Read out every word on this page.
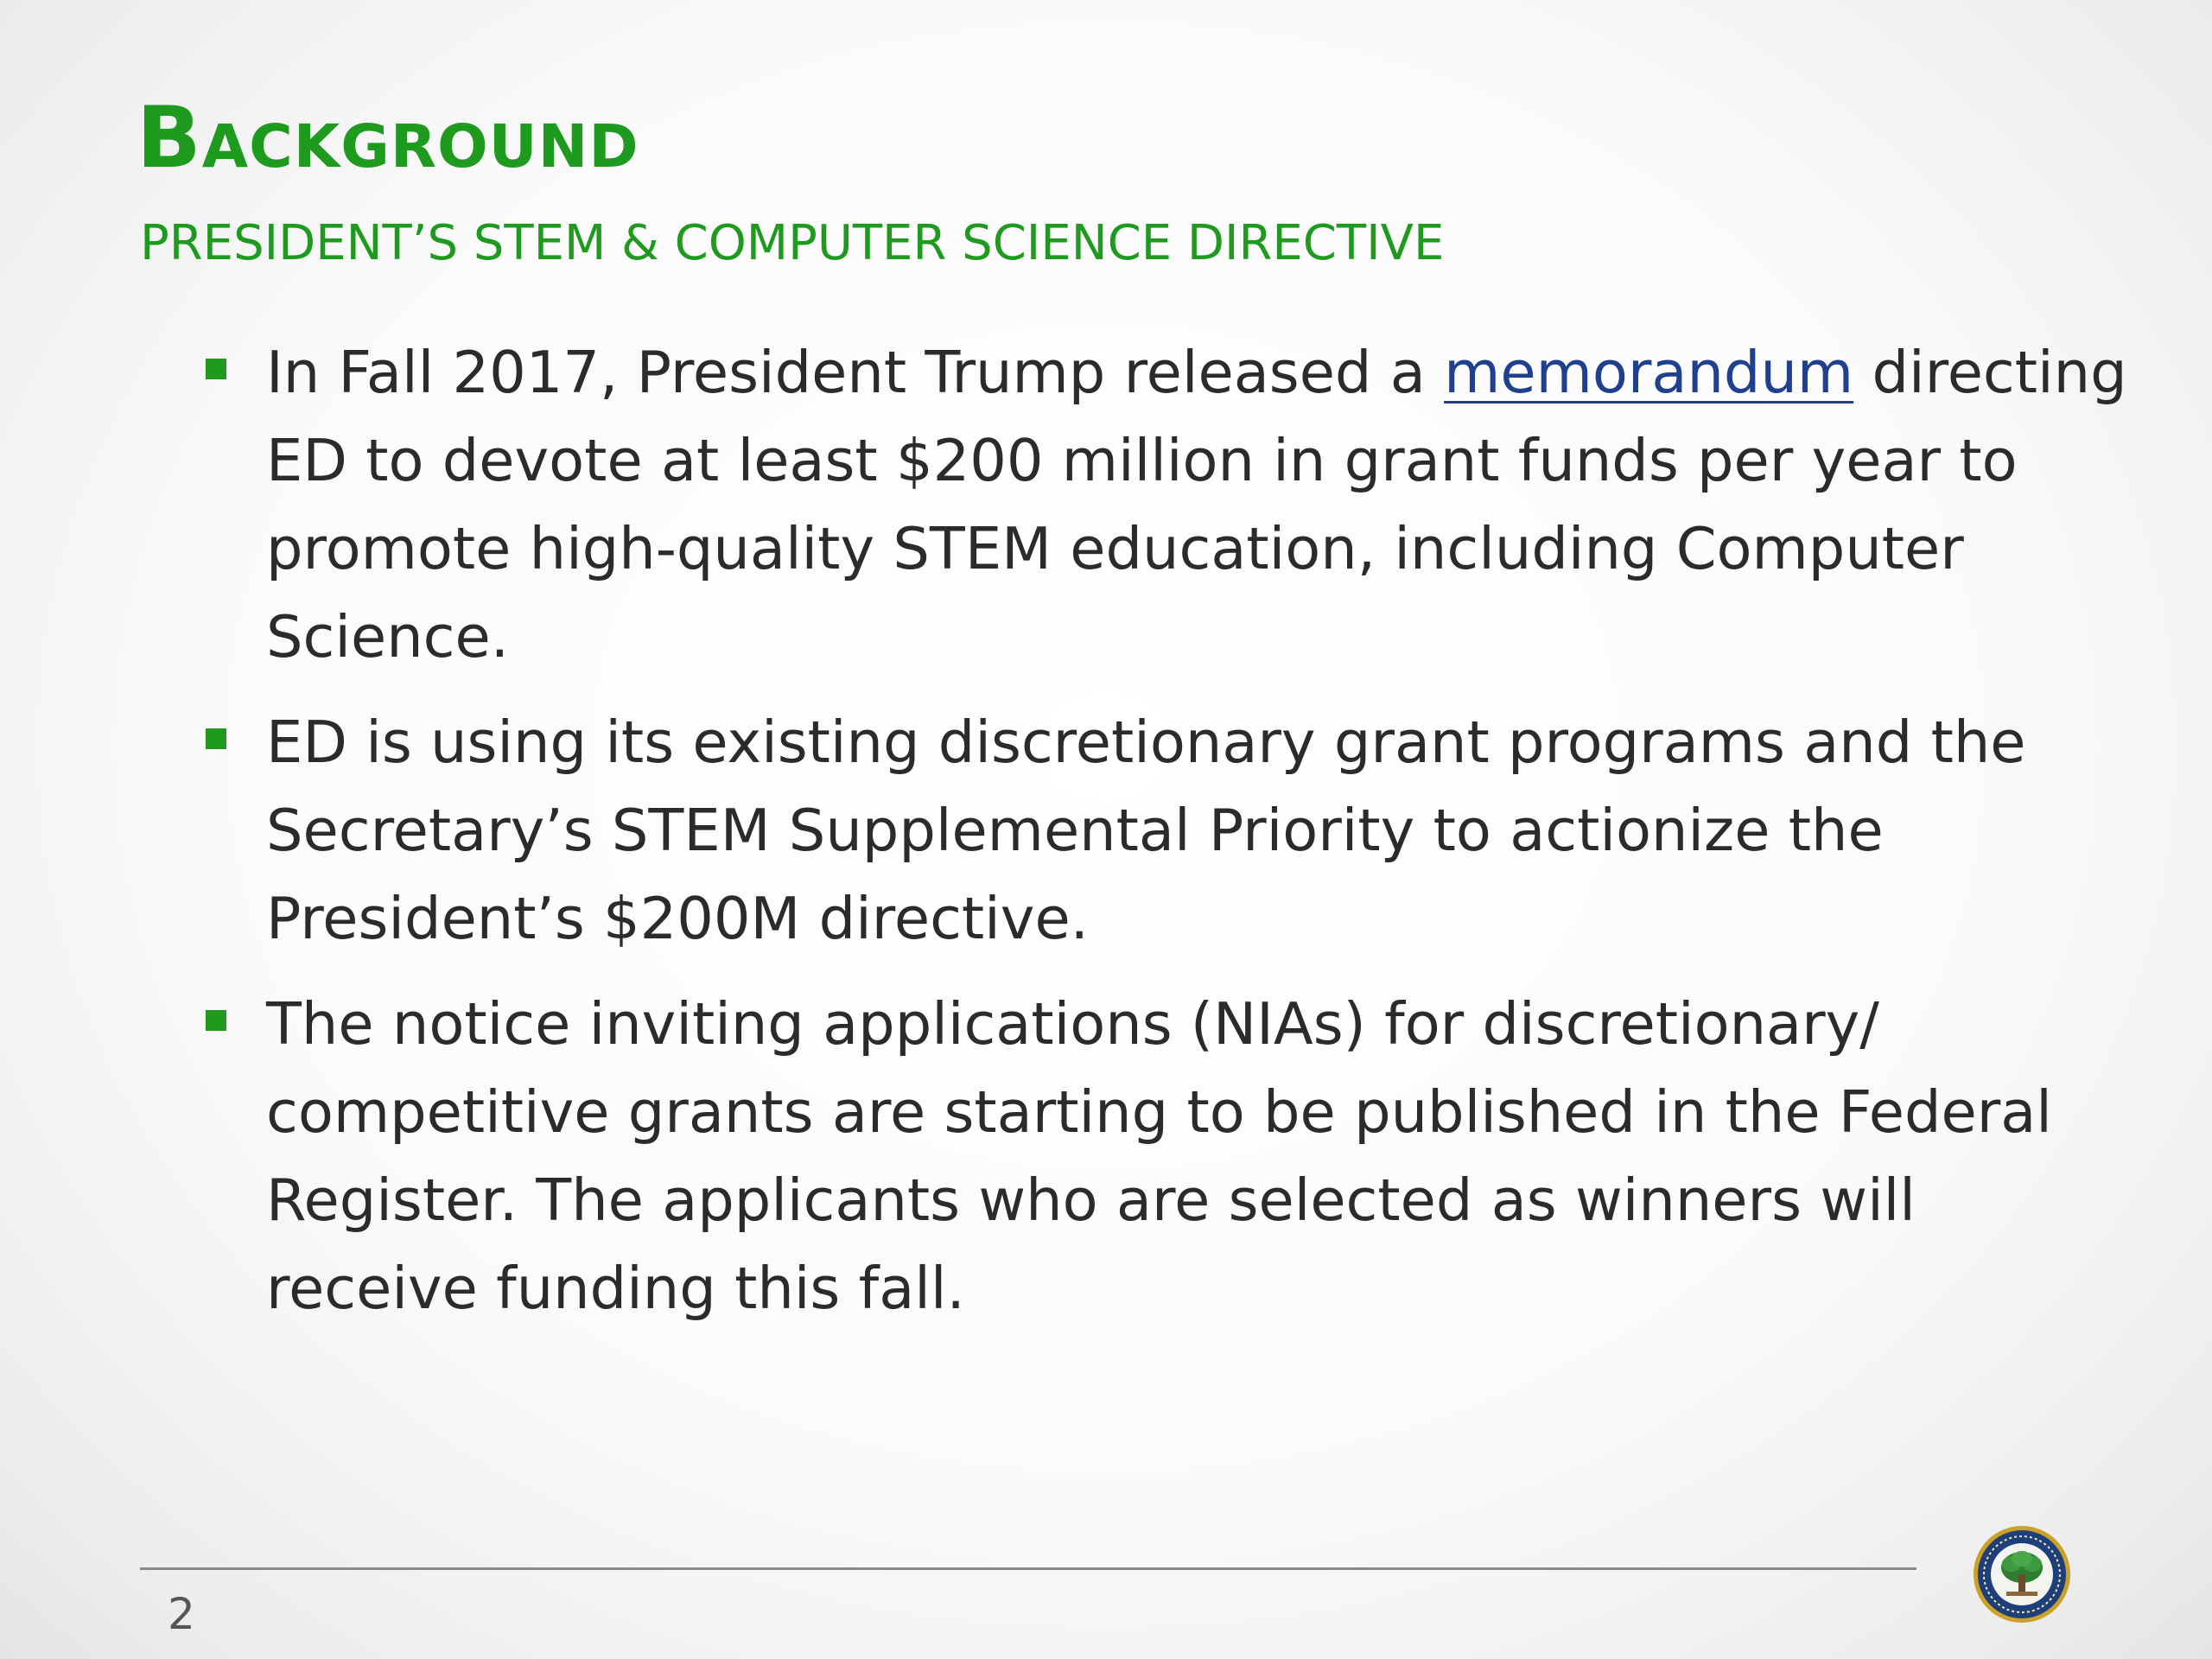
Background
PRESIDENT’S STEM & COMPUTER SCIENCE DIRECTIVE
In Fall 2017, President Trump released a memorandum directing ED to devote at least $200 million in grant funds per year to promote high-quality STEM education, including Computer Science.
ED is using its existing discretionary grant programs and the Secretary’s STEM Supplemental Priority to actionize the President’s $200M directive.
The notice inviting applications (NIAs) for discretionary/ competitive grants are starting to be published in the Federal Register. The applicants who are selected as winners will receive funding this fall.
2
